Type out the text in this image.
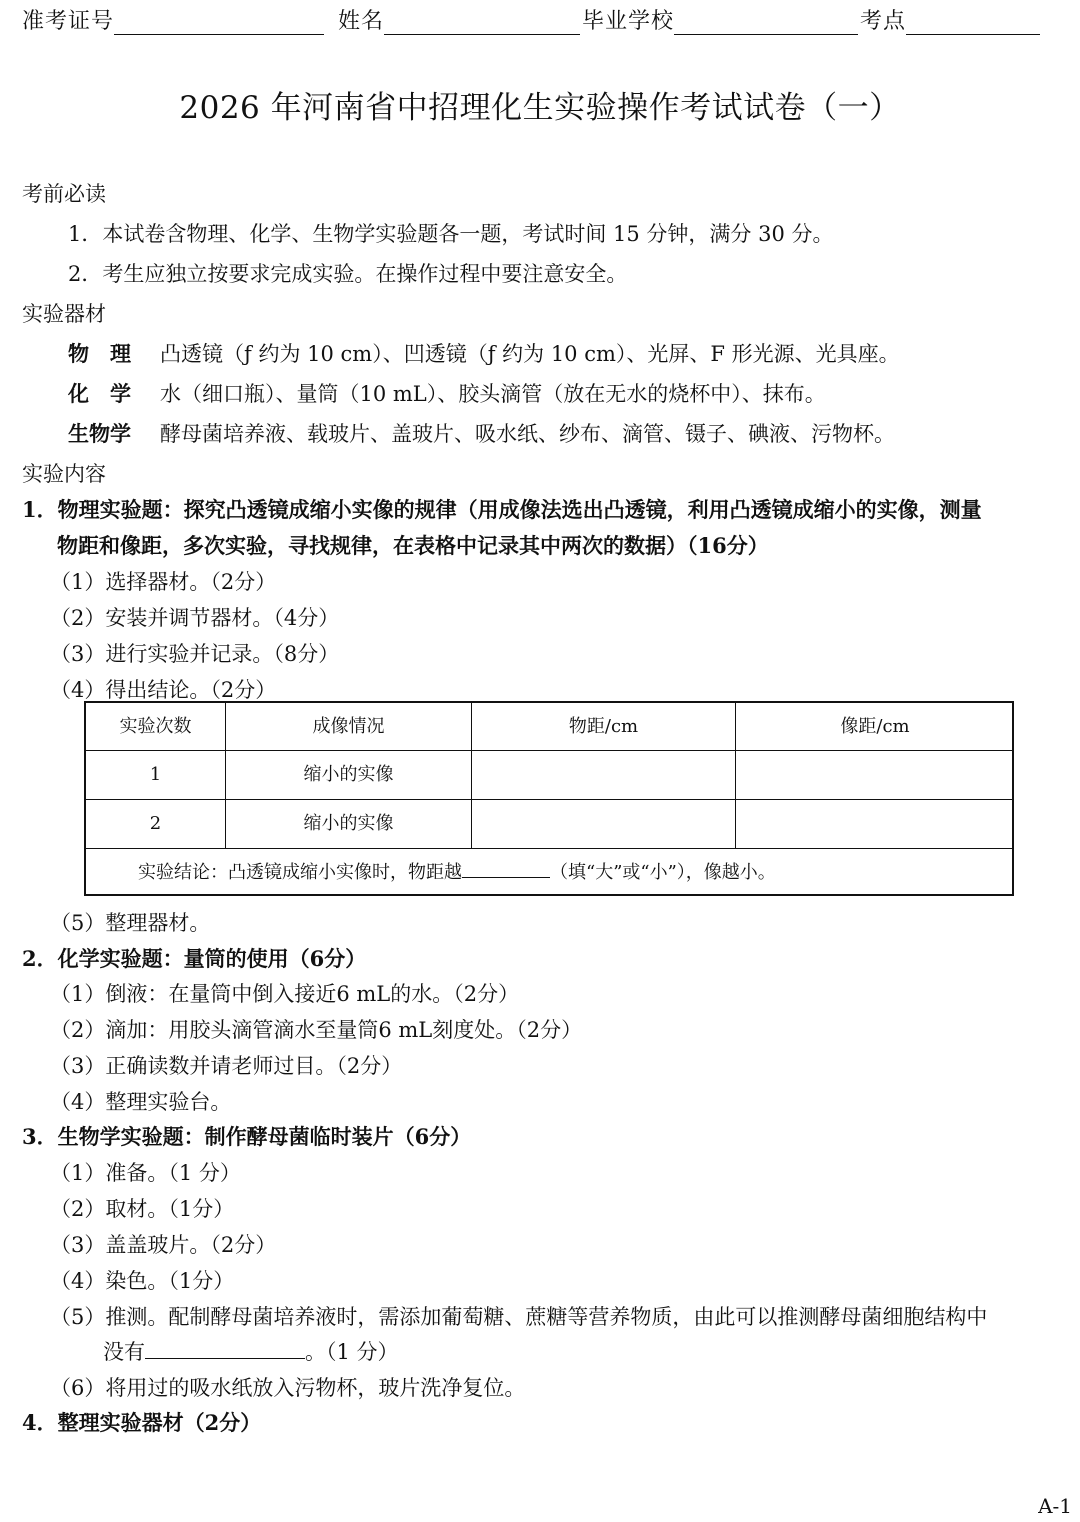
准考证号	姓名	毕业学校	考点
2026 年河南省中招理化生实验操作考试试卷（一）
考前必读
1．本试卷含物理、化学、生物学实验题各一题，考试时间 15 分钟，满分 30 分。
2．考生应独立按要求完成实验。在操作过程中要注意安全。
实验器材
物　理 凸透镜（ƒ 约为 10 cm）、凹透镜（ƒ 约为 10 cm）、光屏、F 形光源、光具座。
化　学 水（细口瓶）、量筒（10 mL）、胶头滴管（放在无水的烧杯中）、抹布。
生物学 酵母菌培养液、载玻片、盖玻片、吸水纸、纱布、滴管、镊子、碘液、污物杯。
实验内容
1．物理实验题：探究凸透镜成缩小实像的规律（用成像法选出凸透镜，利用凸透镜成缩小的实像，测量
物距和像距，多次实验，寻找规律，在表格中记录其中两次的数据）（16分）
（1）选择器材。（2分）
（2）安装并调节器材。（4分）
（3）进行实验并记录。（8分）
（4）得出结论。（2分）
实验次数	成像情况	物距/cm	像距/cm
1	缩小的实像
2	缩小的实像
实验结论：凸透镜成缩小实像时，物距越	（填“大”或“小”），像越小。
（5）整理器材。
2．化学实验题：量筒的使用（6分）
（1）倒液：在量筒中倒入接近6 mL的水。（2分）
（2）滴加：用胶头滴管滴水至量筒6 mL刻度处。（2分）
（3）正确读数并请老师过目。（2分）
（4）整理实验台。
3．生物学实验题：制作酵母菌临时装片（6分）
（1）准备。（1 分）
（2）取材。（1分）
（3）盖盖玻片。（2分）
（4）染色。（1分）
（5）推测。配制酵母菌培养液时，需添加葡萄糖、蔗糖等营养物质，由此可以推测酵母菌细胞结构中
没有	。（1 分）
（6）将用过的吸水纸放入污物杯，玻片洗净复位。
4．整理实验器材（2分）
A-1
